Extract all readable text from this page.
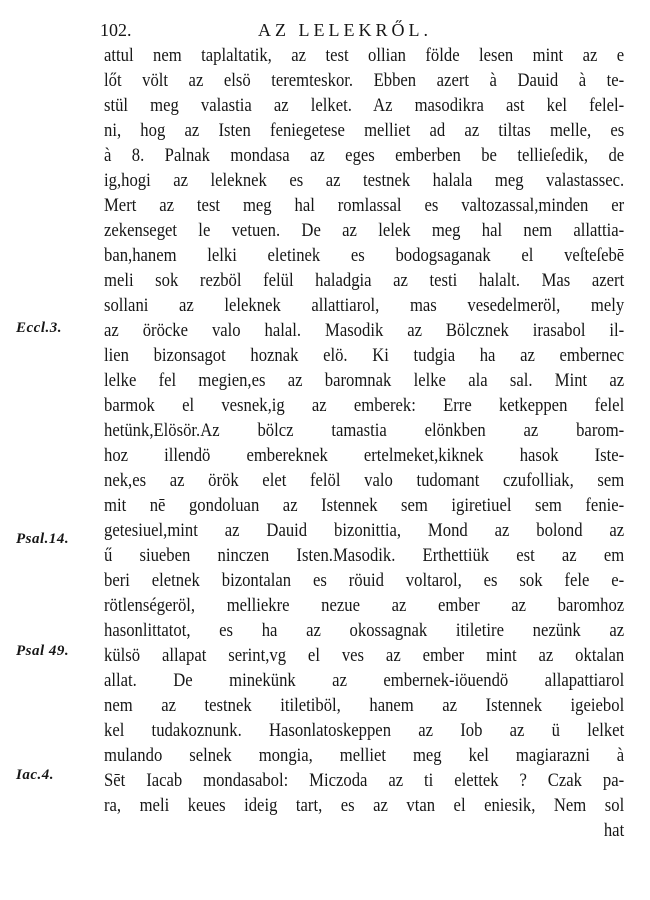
102.	AZ LELEKRŐL.
attul nem taplaltatik, az test ollian földe lesen mint az e
lőt völt az elsö teremteskor. Ebben azert à Dauid à te-
stül meg valastia az lelket. Az masodikra ast kel felel-
ni, hog az Isten feniegetese melliet ad az tiltas melle, es
à 8. Palnak mondasa az eges emberben be tellieſedik, de
ig,hogi az leleknek es az testnek halala meg valastassec.
Mert az test meg hal romlassal es valtozassal,minden er
zekenseget le vetuen. De az lelek meg hal nem allattia-
ban,hanem lelki eletinek es bodogsaganak el veſteſebē
meli sok rezböl felül haladgia az testi halalt. Mas azert
sollani az leleknek allattiarol, mas vesedelmeröl, mely
az öröcke valo halal. Masodik az Bölcznek irasabol il-
lien bizonsagot hoznak elö. Ki tudgia ha az embernec
lelke fel megien,es az baromnak lelke ala sal. Mint az
barmok el vesnek,ig az emberek: Erre ketkeppen felel
hetünk,Elösör.Az bölcz tamastia elönkben az barom-
hoz illendö embereknek ertelmeket,kiknek hasok Iste-
nek,es az örök elet felöl valo tudomant czufolliak, sem
mit nē gondoluan az Istennek sem igiretiuel sem fenie-
getesiuel,mint az Dauid bizonittia, Mond az bolond az
ű siueben ninczen Isten.Masodik. Erthettiük est az em
beri eletnek bizontalan es röuid voltarol, es sok fele e-
rötlenségeröl, melliekre nezue az ember az baromhoz
hasonlittatot, es ha az okossagnak itiletire nezünk az
külsö allapat serint,vg el ves az ember mint az oktalan
allat. De minekünk az embernek-iöuendö allapattiarol
nem az testnek itiletiböl, hanem az Istennek igeiebol
kel tudakoznunk. Hasonlatoskeppen az Iob az ü lelket
mulando selnek mongia, melliet meg kel magiarazni à
Sēt Iacab mondasabol: Miczoda az ti elettek ? Czak pa-
ra, meli keues ideig tart, es az vtan el eniesik, Nem sol
hat
Eccl.3.
Psal.14.
Psal 49.
Iac.4.
